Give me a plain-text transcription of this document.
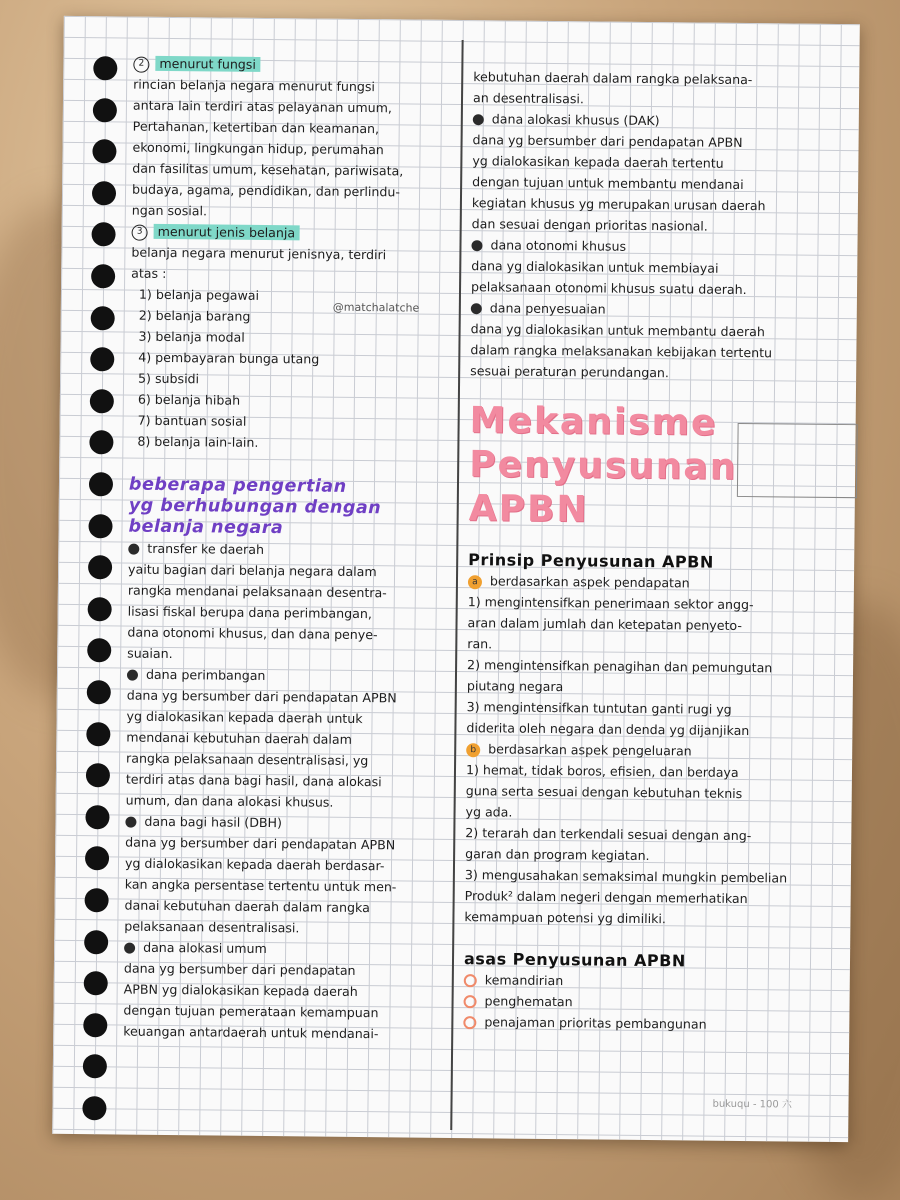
2 menurut fungsi

rincian belanja negara menurut fungsi

antara lain terdiri atas pelayanan umum,

Pertahanan, ketertiban dan keamanan,

ekonomi, lingkungan hidup, perumahan

dan fasilitas umum, kesehatan, pariwisata,

budaya, agama, pendidikan, dan perlindu-

ngan sosial.

3 menurut jenis belanja

belanja negara menurut jenisnya, terdiri

atas :

1) belanja pegawai

2) belanja barang

3) belanja modal

4) pembayaran bunga utang

5) subsidi

6) belanja hibah

7) bantuan sosial

8) belanja lain-lain.

beberapa pengertian

yg berhubungan dengan

belanja negara

transfer ke daerah

yaitu bagian dari belanja negara dalam

rangka mendanai pelaksanaan desentra-

lisasi fiskal berupa dana perimbangan,

dana otonomi khusus, dan dana penye-

suaian.

dana perimbangan

dana yg bersumber dari pendapatan APBN

yg dialokasikan kepada daerah untuk

mendanai kebutuhan daerah dalam

rangka pelaksanaan desentralisasi, yg

terdiri atas dana bagi hasil, dana alokasi

umum, dan dana alokasi khusus.

dana bagi hasil (DBH)

dana yg bersumber dari pendapatan APBN

yg dialokasikan kepada daerah berdasar-

kan angka persentase tertentu untuk men-

danai kebutuhan daerah dalam rangka

pelaksanaan desentralisasi.

dana alokasi umum

dana yg bersumber dari pendapatan

APBN yg dialokasikan kepada daerah

dengan tujuan pemerataan kemampuan

keuangan antardaerah untuk mendanai-

@matchalatche

kebutuhan daerah dalam rangka pelaksana-

an desentralisasi.

dana alokasi khusus (DAK)

dana yg bersumber dari pendapatan APBN

yg dialokasikan kepada daerah tertentu

dengan tujuan untuk membantu mendanai

kegiatan khusus yg merupakan urusan daerah

dan sesuai dengan prioritas nasional.

dana otonomi khusus

dana yg dialokasikan untuk membiayai

pelaksanaan otonomi khusus suatu daerah.

dana penyesuaian

dana yg dialokasikan untuk membantu daerah

dalam rangka melaksanakan kebijakan tertentu

sesuai peraturan perundangan.

Mekanisme

Penyusunan

APBN

Prinsip Penyusunan APBN

a berdasarkan aspek pendapatan

1) mengintensifkan penerimaan sektor angg-

aran dalam jumlah dan ketepatan penyeto-

ran.

2) mengintensifkan penagihan dan pemungutan

piutang negara

3) mengintensifkan tuntutan ganti rugi yg

diderita oleh negara dan denda yg dijanjikan

b berdasarkan aspek pengeluaran

1) hemat, tidak boros, efisien, dan berdaya

guna serta sesuai dengan kebutuhan teknis

yg ada.

2) terarah dan terkendali sesuai dengan ang-

garan dan program kegiatan.

3) mengusahakan semaksimal mungkin pembelian

Produk² dalam negeri dengan memerhatikan

kemampuan potensi yg dimiliki.

asas Penyusunan APBN

kemandirian

penghematan

penajaman prioritas pembangunan

bukuqu - 100 六
